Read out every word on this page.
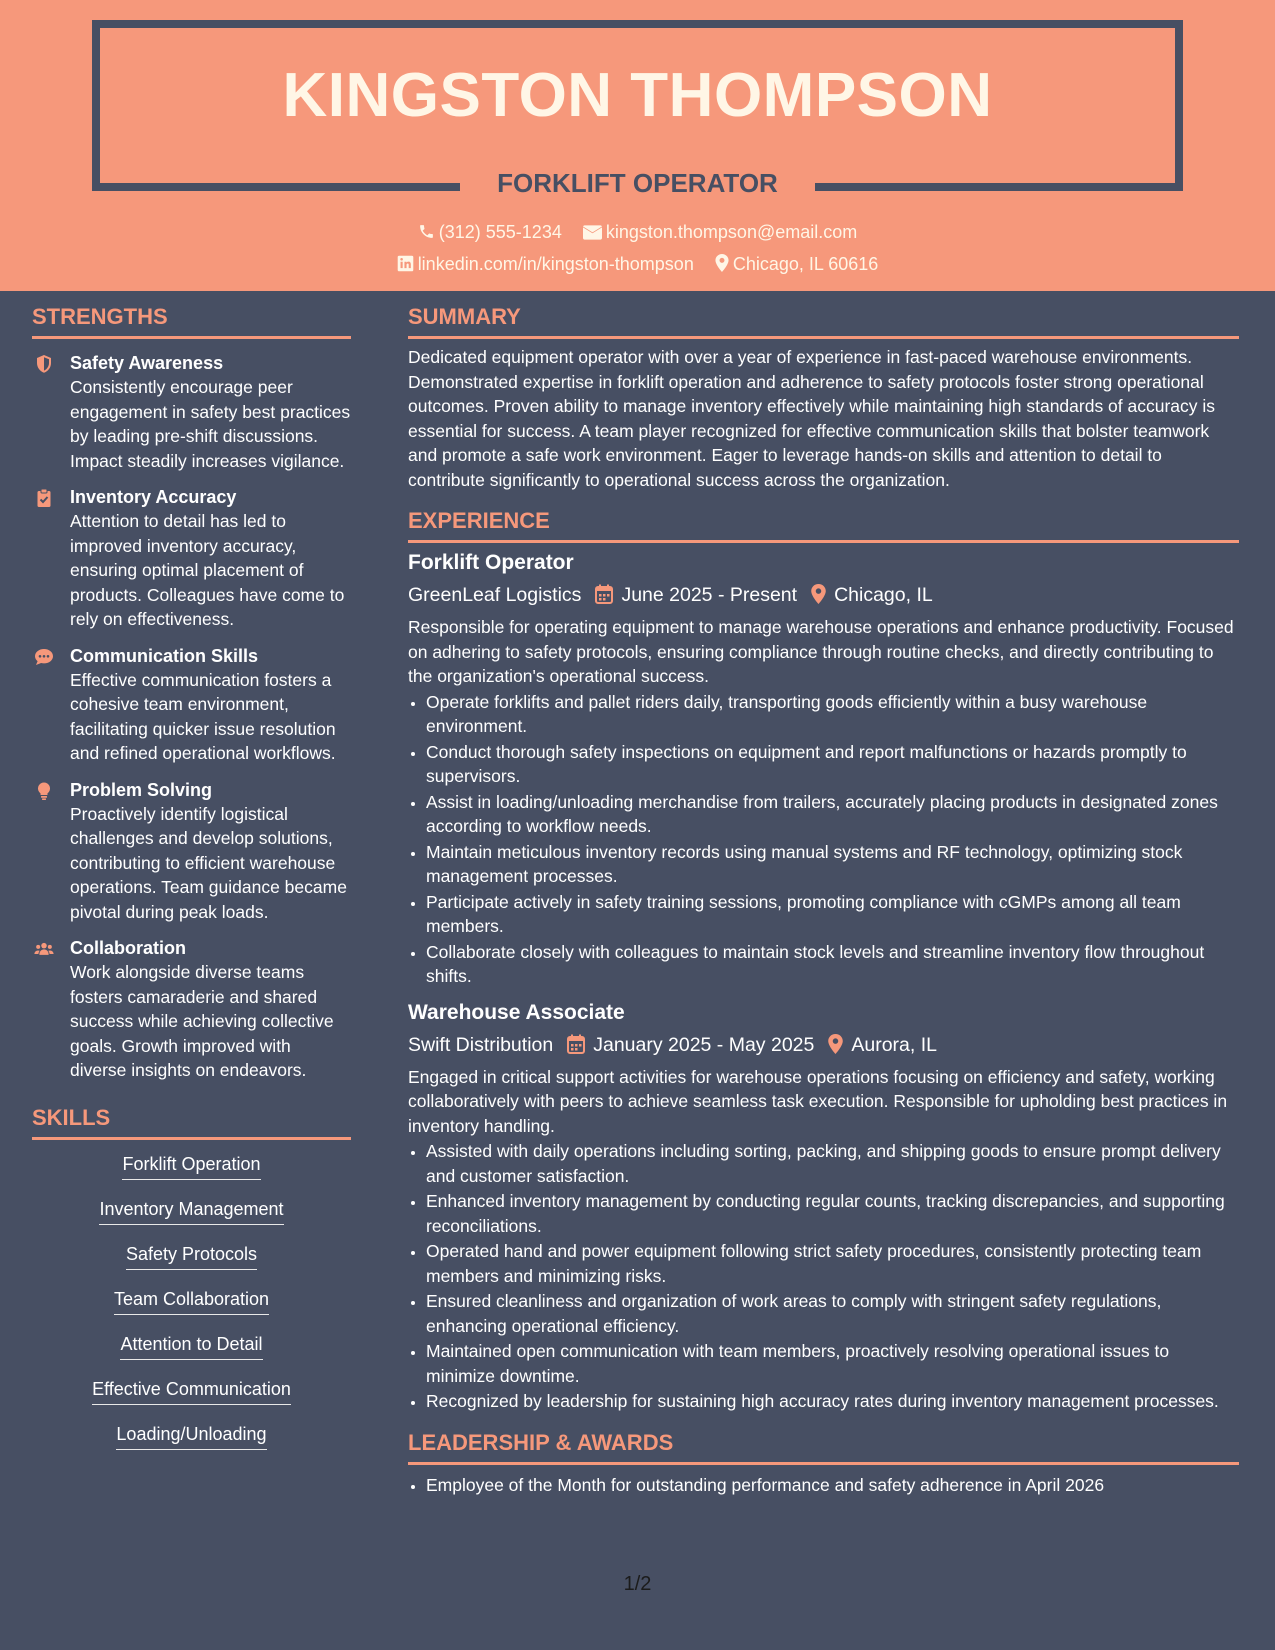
KINGSTON THOMPSON
FORKLIFT OPERATOR
(312) 555-1234 kingston.thompson@email.com
linkedin.com/in/kingston-thompson Chicago, IL 60616
STRENGTHS
Safety Awareness
Consistently encourage peer engagement in safety best practices by leading pre-shift discussions. Impact steadily increases vigilance.
Inventory Accuracy
Attention to detail has led to improved inventory accuracy, ensuring optimal placement of products. Colleagues have come to rely on effectiveness.
Communication Skills
Effective communication fosters a cohesive team environment, facilitating quicker issue resolution and refined operational workflows.
Problem Solving
Proactively identify logistical challenges and develop solutions, contributing to efficient warehouse operations. Team guidance became pivotal during peak loads.
Collaboration
Work alongside diverse teams fosters camaraderie and shared success while achieving collective goals. Growth improved with diverse insights on endeavors.
SKILLS
Forklift Operation
Inventory Management
Safety Protocols
Team Collaboration
Attention to Detail
Effective Communication
Loading/Unloading
SUMMARY

Dedicated equipment operator with over a year of experience in fast-paced warehouse environments. Demonstrated expertise in forklift operation and adherence to safety protocols foster strong operational outcomes. Proven ability to manage inventory effectively while maintaining high standards of accuracy is essential for success. A team player recognized for effective communication skills that bolster teamwork and promote a safe work environment. Eager to leverage hands-on skills and attention to detail to contribute significantly to operational success across the organization.

EXPERIENCE
Forklift Operator
GreenLeaf Logistics June 2025 - Present Chicago, IL

Responsible for operating equipment to manage warehouse operations and enhance productivity. Focused on adhering to safety protocols, ensuring compliance through routine checks, and directly contributing to the organization's operational success.

• Operate forklifts and pallet riders daily, transporting goods efficiently within a busy warehouse environment.
• Conduct thorough safety inspections on equipment and report malfunctions or hazards promptly to supervisors.
• Assist in loading/unloading merchandise from trailers, accurately placing products in designated zones according to workflow needs.
• Maintain meticulous inventory records using manual systems and RF technology, optimizing stock management processes.
• Participate actively in safety training sessions, promoting compliance with cGMPs among all team members.
• Collaborate closely with colleagues to maintain stock levels and streamline inventory flow throughout shifts.
Warehouse Associate
Swift Distribution January 2025 - May 2025 Aurora, IL

Engaged in critical support activities for warehouse operations focusing on efficiency and safety, working collaboratively with peers to achieve seamless task execution. Responsible for upholding best practices in inventory handling.

• Assisted with daily operations including sorting, packing, and shipping goods to ensure prompt delivery and customer satisfaction.
• Enhanced inventory management by conducting regular counts, tracking discrepancies, and supporting reconciliations.
• Operated hand and power equipment following strict safety procedures, consistently protecting team members and minimizing risks.
• Ensured cleanliness and organization of work areas to comply with stringent safety regulations, enhancing operational efficiency.
• Maintained open communication with team members, proactively resolving operational issues to minimize downtime.
• Recognized by leadership for sustaining high accuracy rates during inventory management processes.
LEADERSHIP & AWARDS
• Employee of the Month for outstanding performance and safety adherence in April 2026
1/2
